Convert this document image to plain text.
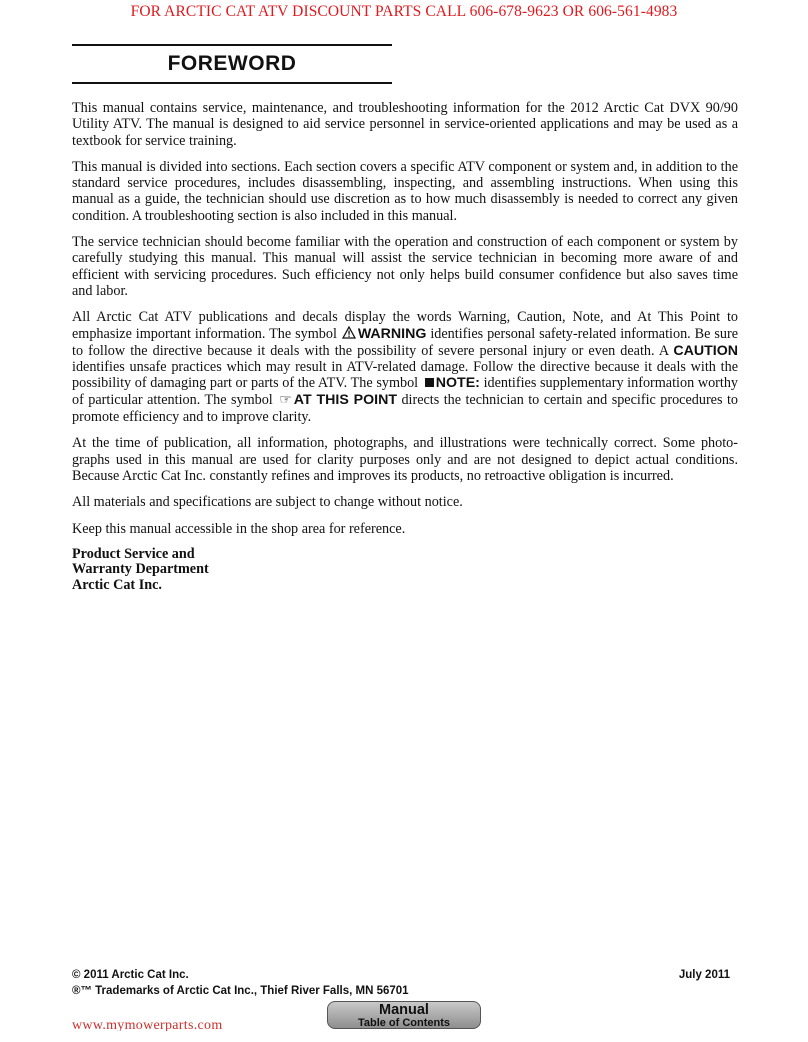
FOR ARCTIC CAT ATV DISCOUNT PARTS CALL 606-678-9623 OR 606-561-4983
FOREWORD

This manual contains service, maintenance, and troubleshooting information for the 2012 Arctic Cat DVX 90/90 Utility ATV. The manual is designed to aid service personnel in service-oriented applications and may be used as a textbook for service training.

This manual is divided into sections. Each section covers a specific ATV component or system and, in addition to the standard service procedures, includes disassembling, inspecting, and assembling instructions. When using this manual as a guide, the technician should use discretion as to how much disassembly is needed to correct any given condition. A troubleshooting section is also included in this manual.

The service technician should become familiar with the operation and construction of each component or system by carefully studying this manual. This manual will assist the service technician in becoming more aware of and efficient with servicing procedures. Such efficiency not only helps build consumer confidence but also saves time and labor.

All Arctic Cat ATV publications and decals display the words Warning, Caution, Note, and At This Point to emphasize important information. The symbol WARNING identifies personal safety-related information. Be sure to follow the directive because it deals with the possibility of severe personal injury or even death. A CAUTION identifies unsafe practices which may result in ATV-related damage. Follow the directive because it deals with the possibility of damaging part or parts of the ATV. The symbol NOTE: identifies supplementary information worthy of particular attention. The symbol ☞ AT THIS POINT directs the technician to certain and specific procedures to promote efficiency and to improve clarity.

At the time of publication, all information, photographs, and illustrations were technically correct. Some photo-graphs used in this manual are used for clarity purposes only and are not designed to depict actual conditions. Because Arctic Cat Inc. constantly refines and improves its products, no retroactive obligation is incurred.

All materials and specifications are subject to change without notice.

Keep this manual accessible in the shop area for reference.

Product Service and
Warranty Department
Arctic Cat Inc.
© 2011 Arctic Cat Inc.	July 2011
®™ Trademarks of Arctic Cat Inc., Thief River Falls, MN 56701
www.mymowerparts.com
Manual
Table of Contents
